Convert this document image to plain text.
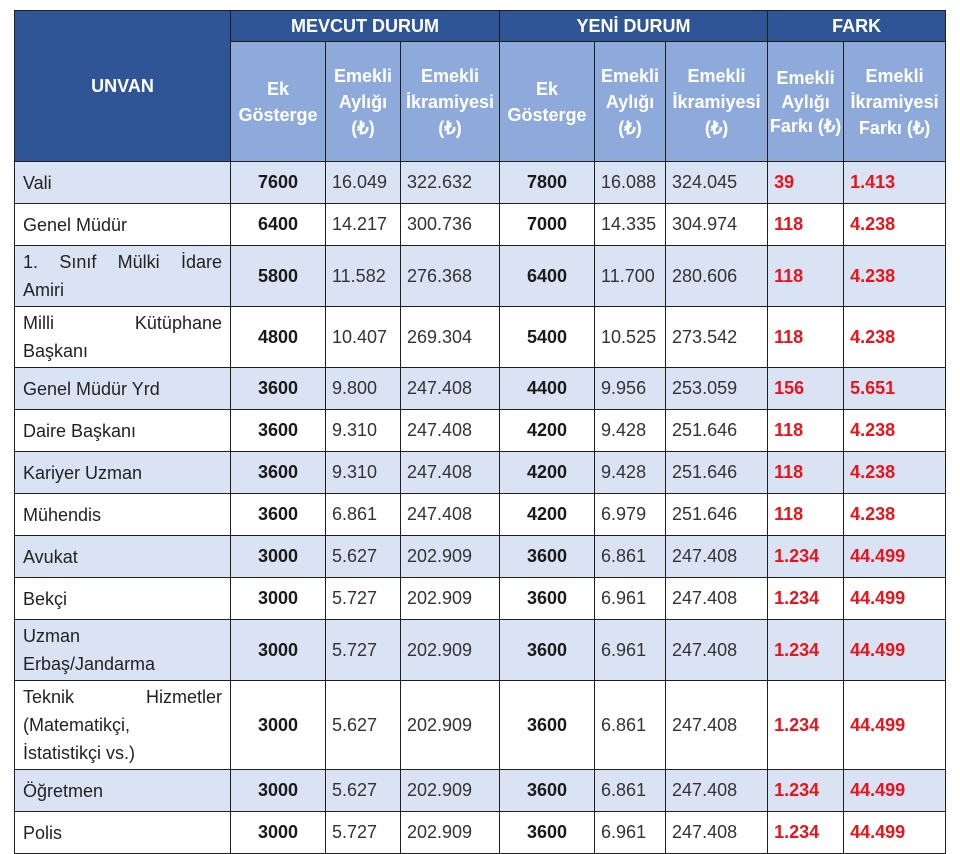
UNVAN	MEVCUT DURUM			YENİ DURUM			FARK	
	Ek Gösterge	Emekli Aylığı (₺)	Emekli İkramiyesi (₺)	Ek Gösterge	Emekli Aylığı (₺)	Emekli İkramiyesi (₺)	Emekli Aylığı Farkı (₺)	Emekli İkramiyesi Farkı (₺)
Vali	7600	16.049	322.632	7800	16.088	324.045	39	1.413
Genel Müdür	6400	14.217	300.736	7000	14.335	304.974	118	4.238

1. Sınıf Mülki İdare
Amiri	5800	11.582	276.368	6400	11.700	280.606	118	4.238

Milli Kütüphane
Başkanı	4800	10.407	269.304	5400	10.525	273.542	118	4.238
Genel Müdür Yrd	3600	9.800	247.408	4400	9.956	253.059	156	5.651
Daire Başkanı	3600	9.310	247.408	4200	9.428	251.646	118	4.238
Kariyer Uzman	3600	9.310	247.408	4200	9.428	251.646	118	4.238
Mühendis	3600	6.861	247.408	4200	6.979	251.646	118	4.238
Avukat	3000	5.627	202.909	3600	6.861	247.408	1.234	44.499
Bekçi	3000	5.727	202.909	3600	6.961	247.408	1.234	44.499

Uzman
Erbaş/Jandarma	3000	5.727	202.909	3600	6.961	247.408	1.234	44.499

Teknik Hizmetler
(Matematikçi,
İstatistikçi vs.)	3000	5.627	202.909	3600	6.861	247.408	1.234	44.499
Öğretmen	3000	5.627	202.909	3600	6.861	247.408	1.234	44.499
Polis	3000	5.727	202.909	3600	6.961	247.408	1.234	44.499
